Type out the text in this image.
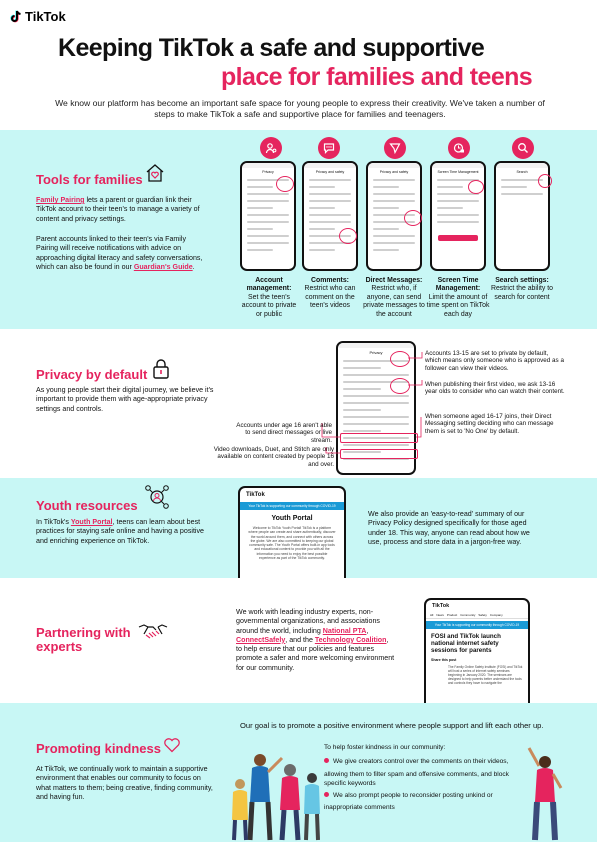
TikTok
Keeping TikTok a safe and supportive
place for families and teens
We know our platform has become an important safe space for young people to express their creativity. We've taken a number of steps to make TikTok a safe and supportive place for families and teenagers.
Tools for families
Family Pairing lets a parent or guardian link their TikTok account to their teen's to manage a variety of content and privacy settings.
Parent accounts linked to their teen's via Family Pairing will receive notifications with advice on approaching digital literacy and safety conversations, which can also be found in our Guardian's Guide.
Privacy
Account management:
Set the teen's account to private or public
Privacy and safety
Comments:
Restrict who can comment on the teen's videos
Privacy and safety
Direct Messages:
Restrict who, if anyone, can send private messages to the account
Screen Time Management
Screen Time Management:
Limit the amount of time spent on TikTok each day
Search
Search settings:
Restrict the ability to search for content
Privacy by default
As young people start their digital journey, we believe it's important to provide them with age-appropriate privacy settings and controls.
Privacy	Accounts 13-15 are set to private by default, which means only someone who is approved as a follower can view their videos.
When publishing their first video, we ask 13-16 year olds to consider who can watch their content.
When someone aged 16-17 joins, their Direct Messaging setting deciding who can message them is set to 'No One' by default.
Accounts under age 16 aren't able to send direct messages or live stream.
Video downloads, Duet, and Stitch are only available on content created by people 16 and over.
Youth resources
In TikTok's Youth Portal, teens can learn about best practices for staying safe online and having a positive and enriching experience on TikTok.
TikTok
Your TikTok is supporting our community through COVID-19
Youth Portal
Welcome to TikTok Youth Portal! TikTok is a platform where people can create and share authentically, discover the world around them, and connect with others across the globe. We are also committed to keeping our global community safe. The Youth Portal offers built-in app tools and educational content to provide you with all the information you need to enjoy the best possible experience as part of the TikTok community.
We also provide an 'easy-to-read' summary of our Privacy Policy designed specifically for those aged under 18. This way, anyone can read about how we use, process and store data in a jargon-free way.
Partnering with experts
We work with leading industry experts, non-governmental organizations, and associations around the world, including National PTA, ConnectSafely, and the Technology Coalition, to help ensure that our policies and features promote a safer and more welcoming environment for our community.
TikTok
All News Product Community Safety Company
Your TikTok is supporting our community through COVID-19
FOSI and TikTok launch national internet safety sessions for parents
Share this post
The Family Online Safety Institute (FOSI) and TikTok will host a series of internet safety seminars beginning in January 2020. The seminars are designed to help parents better understand the tools and controls they have to navigate the
Promoting kindness
At TikTok, we continually work to maintain a supportive environment that enables our community to focus on what matters to them; being creative, finding community, and having fun.
Our goal is to promote a positive environment where people support and lift each other up.
To help foster kindness in our community:
We give creators control over the comments on their videos,
allowing them to filter spam and offensive comments, and block specific keywords
We also prompt people to reconsider posting unkind or
inappropriate comments
